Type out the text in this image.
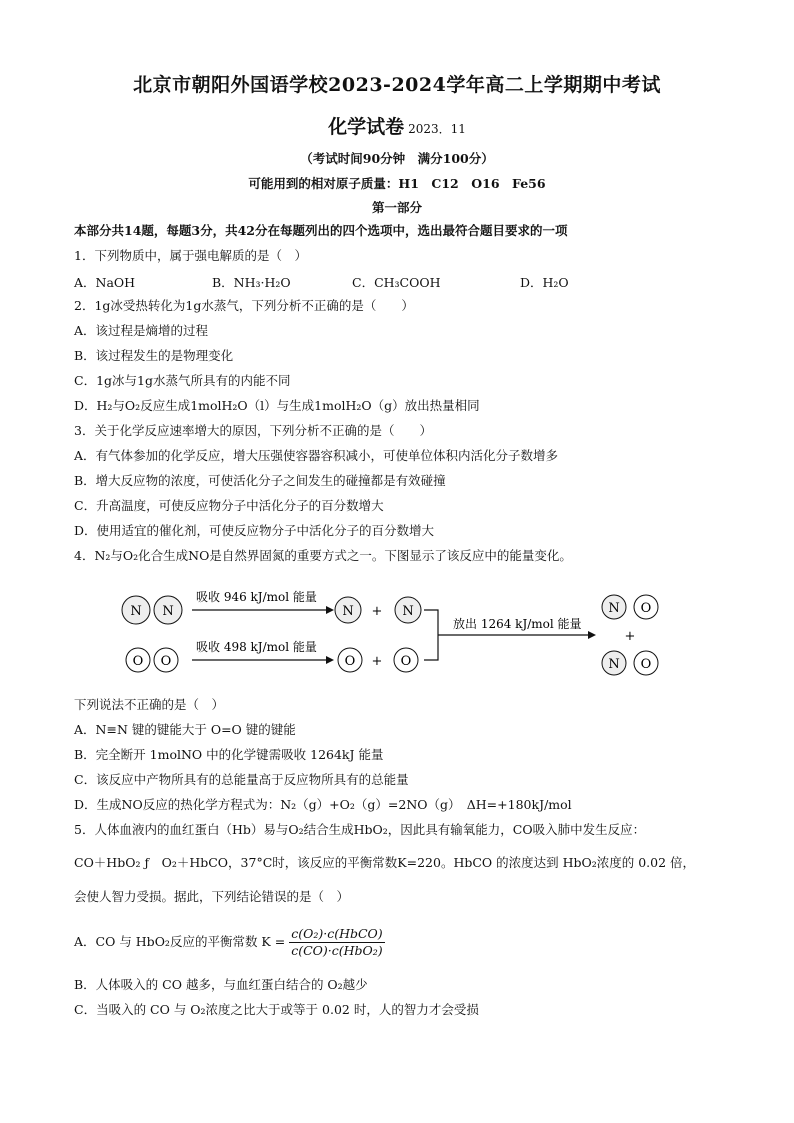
北京市朝阳外国语学校2023-2024学年高二上学期期中考试
化学试卷 2023．11
（考试时间90分钟　满分100分）
可能用到的相对原子质量：H1　C12　O16　Fe56
第一部分
本部分共14题，每题3分，共42分在每题列出的四个选项中，选出最符合题目要求的一项
1．下列物质中，属于强电解质的是（　）
A．NaOH	B．NH₃·H₂O	C．CH₃COOH	D．H₂O
2．1g冰受热转化为1g水蒸气，下列分析不正确的是（　　）
A．该过程是熵增的过程
B．该过程发生的是物理变化
C．1g冰与1g水蒸气所具有的内能不同
D．H₂与O₂反应生成1molH₂O（l）与生成1molH₂O（g）放出热量相同
3．关于化学反应速率增大的原因，下列分析不正确的是（　　）
A．有气体参加的化学反应，增大压强使容器容积减小，可使单位体积内活化分子数增多
B．增大反应物的浓度，可使活化分子之间发生的碰撞都是有效碰撞
C．升高温度，可使反应物分子中活化分子的百分数增大
D．使用适宜的催化剂，可使反应物分子中活化分子的百分数增大
4．N₂与O₂化合生成NO是自然界固氮的重要方式之一。下图显示了该反应中的能量变化。
N N
吸收 946 kJ/mol 能量
N + N
O O
吸收 498 kJ/mol 能量
O + O
放出 1264 kJ/mol 能量
N O
+
N O
下列说法不正确的是（　）
A．N≡N 键的键能大于 O=O 键的键能
B．完全断开 1molNO 中的化学键需吸收 1264kJ 能量
C．该反应中产物所具有的总能量高于反应物所具有的总能量
D．生成NO反应的热化学方程式为：N₂（g）+O₂（g）=2NO（g）　ΔH=+180kJ/mol
5．人体血液内的血红蛋白（Hb）易与O₂结合生成HbO₂，因此具有输氧能力，CO吸入肺中发生反应：
CO＋HbO₂ ƒ　O₂＋HbCO，37°C时，该反应的平衡常数K=220。HbCO 的浓度达到 HbO₂浓度的 0.02 倍，
会使人智力受损。据此，下列结论错误的是（　）
A．CO 与 HbO₂反应的平衡常数 $K = \frac{\text{c(O₂)·c(HbCO)}}{\text{c(CO)·c(HbO₂)}}$
B．人体吸入的 CO 越多，与血红蛋白结合的 O₂越少
C．当吸入的 CO 与 O₂浓度之比大于或等于 0.02 时，人的智力才会受损
